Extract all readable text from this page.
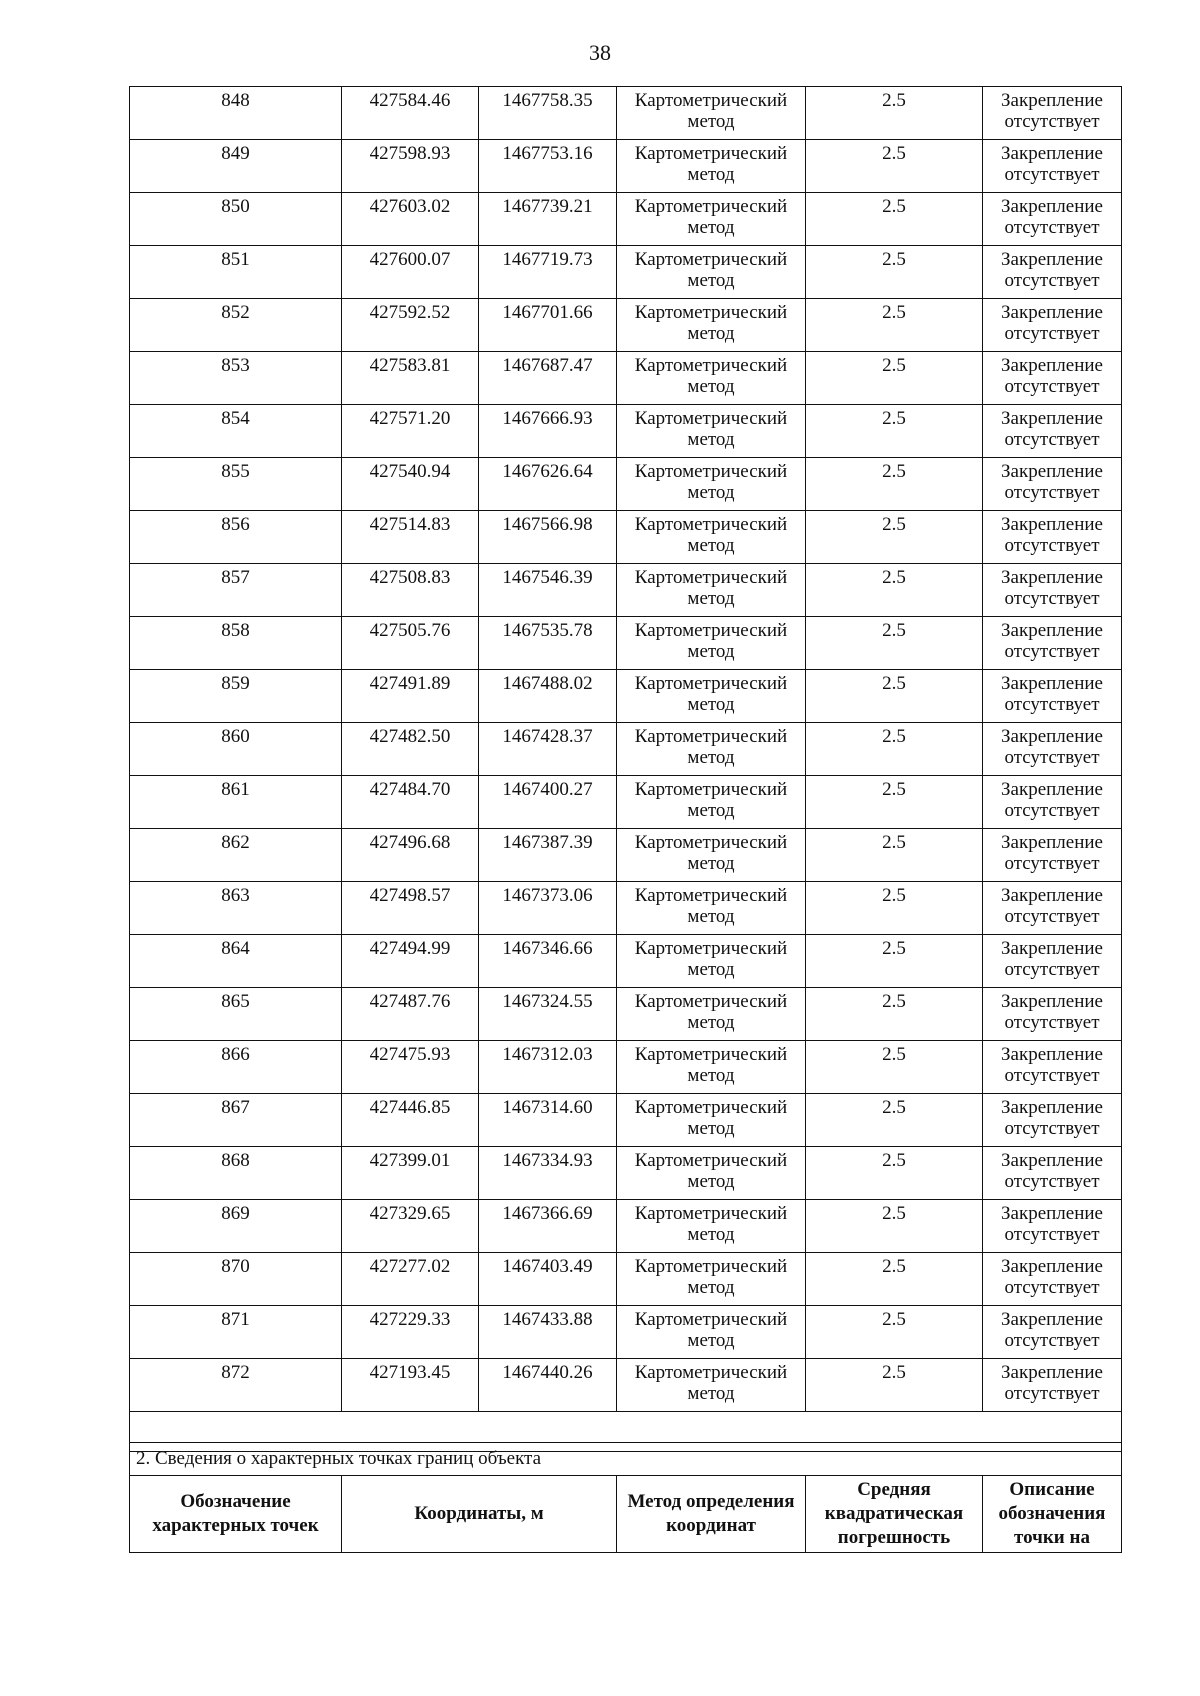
38
848	427584.46	1467758.35	Картометрический метод	2.5	Закрепление отсутствует
849	427598.93	1467753.16	Картометрический метод	2.5	Закрепление отсутствует
850	427603.02	1467739.21	Картометрический метод	2.5	Закрепление отсутствует
851	427600.07	1467719.73	Картометрический метод	2.5	Закрепление отсутствует
852	427592.52	1467701.66	Картометрический метод	2.5	Закрепление отсутствует
853	427583.81	1467687.47	Картометрический метод	2.5	Закрепление отсутствует
854	427571.20	1467666.93	Картометрический метод	2.5	Закрепление отсутствует
855	427540.94	1467626.64	Картометрический метод	2.5	Закрепление отсутствует
856	427514.83	1467566.98	Картометрический метод	2.5	Закрепление отсутствует
857	427508.83	1467546.39	Картометрический метод	2.5	Закрепление отсутствует
858	427505.76	1467535.78	Картометрический метод	2.5	Закрепление отсутствует
859	427491.89	1467488.02	Картометрический метод	2.5	Закрепление отсутствует
860	427482.50	1467428.37	Картометрический метод	2.5	Закрепление отсутствует
861	427484.70	1467400.27	Картометрический метод	2.5	Закрепление отсутствует
862	427496.68	1467387.39	Картометрический метод	2.5	Закрепление отсутствует
863	427498.57	1467373.06	Картометрический метод	2.5	Закрепление отсутствует
864	427494.99	1467346.66	Картометрический метод	2.5	Закрепление отсутствует
865	427487.76	1467324.55	Картометрический метод	2.5	Закрепление отсутствует
866	427475.93	1467312.03	Картометрический метод	2.5	Закрепление отсутствует
867	427446.85	1467314.60	Картометрический метод	2.5	Закрепление отсутствует
868	427399.01	1467334.93	Картометрический метод	2.5	Закрепление отсутствует
869	427329.65	1467366.69	Картометрический метод	2.5	Закрепление отсутствует
870	427277.02	1467403.49	Картометрический метод	2.5	Закрепление отсутствует
871	427229.33	1467433.88	Картометрический метод	2.5	Закрепление отсутствует
872	427193.45	1467440.26	Картометрический метод	2.5	Закрепление отсутствует

2. Сведения о характерных точках границ объекта
Обозначение характерных точек	Координаты, м	Метод определения координат	Средняя квадратическая погрешность	Описание обозначения точки на
